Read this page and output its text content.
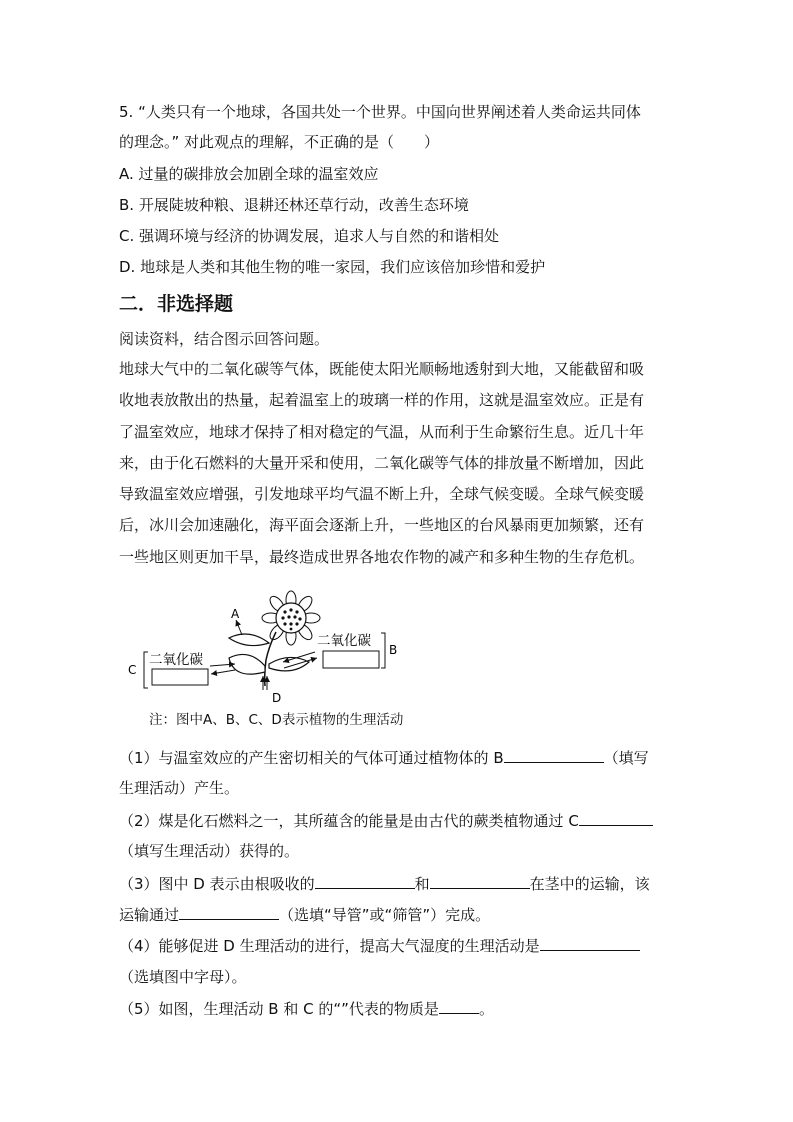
5. “人类只有一个地球，各国共处一个世界。中国向世界阐述着人类命运共同体
的理念。” 对此观点的理解，不正确的是（　　）
A. 过量的碳排放会加剧全球的温室效应
B. 开展陡坡种粮、退耕还林还草行动，改善生态环境
C. 强调环境与经济的协调发展，追求人与自然的和谐相处
D. 地球是人类和其他生物的唯一家园，我们应该倍加珍惜和爱护
二．非选择题
阅读资料，结合图示回答问题。
地球大气中的二氧化碳等气体，既能使太阳光顺畅地透射到大地，又能截留和吸
收地表放散出的热量，起着温室上的玻璃一样的作用，这就是温室效应。正是有
了温室效应，地球才保持了相对稳定的气温，从而利于生命繁衍生息。近几十年
来，由于化石燃料的大量开采和使用，二氧化碳等气体的排放量不断增加，因此
导致温室效应增强，引发地球平均气温不断上升，全球气候变暖。全球气候变暖
后，冰川会加速融化，海平面会逐渐上升，一些地区的台风暴雨更加频繁，还有
一些地区则更加干旱，最终造成世界各地农作物的减产和多种生物的生存危机。
A
二氧化碳
B
二氧化碳
C
D
注：图中A、B、C、D表示植物的生理活动
（1）与温室效应的产生密切相关的气体可通过植物体的 B	（填写
生理活动）产生。
（2）煤是化石燃料之一，其所蕴含的能量是由古代的蕨类植物通过 C
（填写生理活动）获得的。
（3）图中 D 表示由根吸收的	和	在茎中的运输，该
运输通过	（选填“导管”或“筛管”）完成。
（4）能够促进 D 生理活动的进行，提高大气湿度的生理活动是
（选填图中字母）。
（5）如图，生理活动 B 和 C 的“”代表的物质是	。
